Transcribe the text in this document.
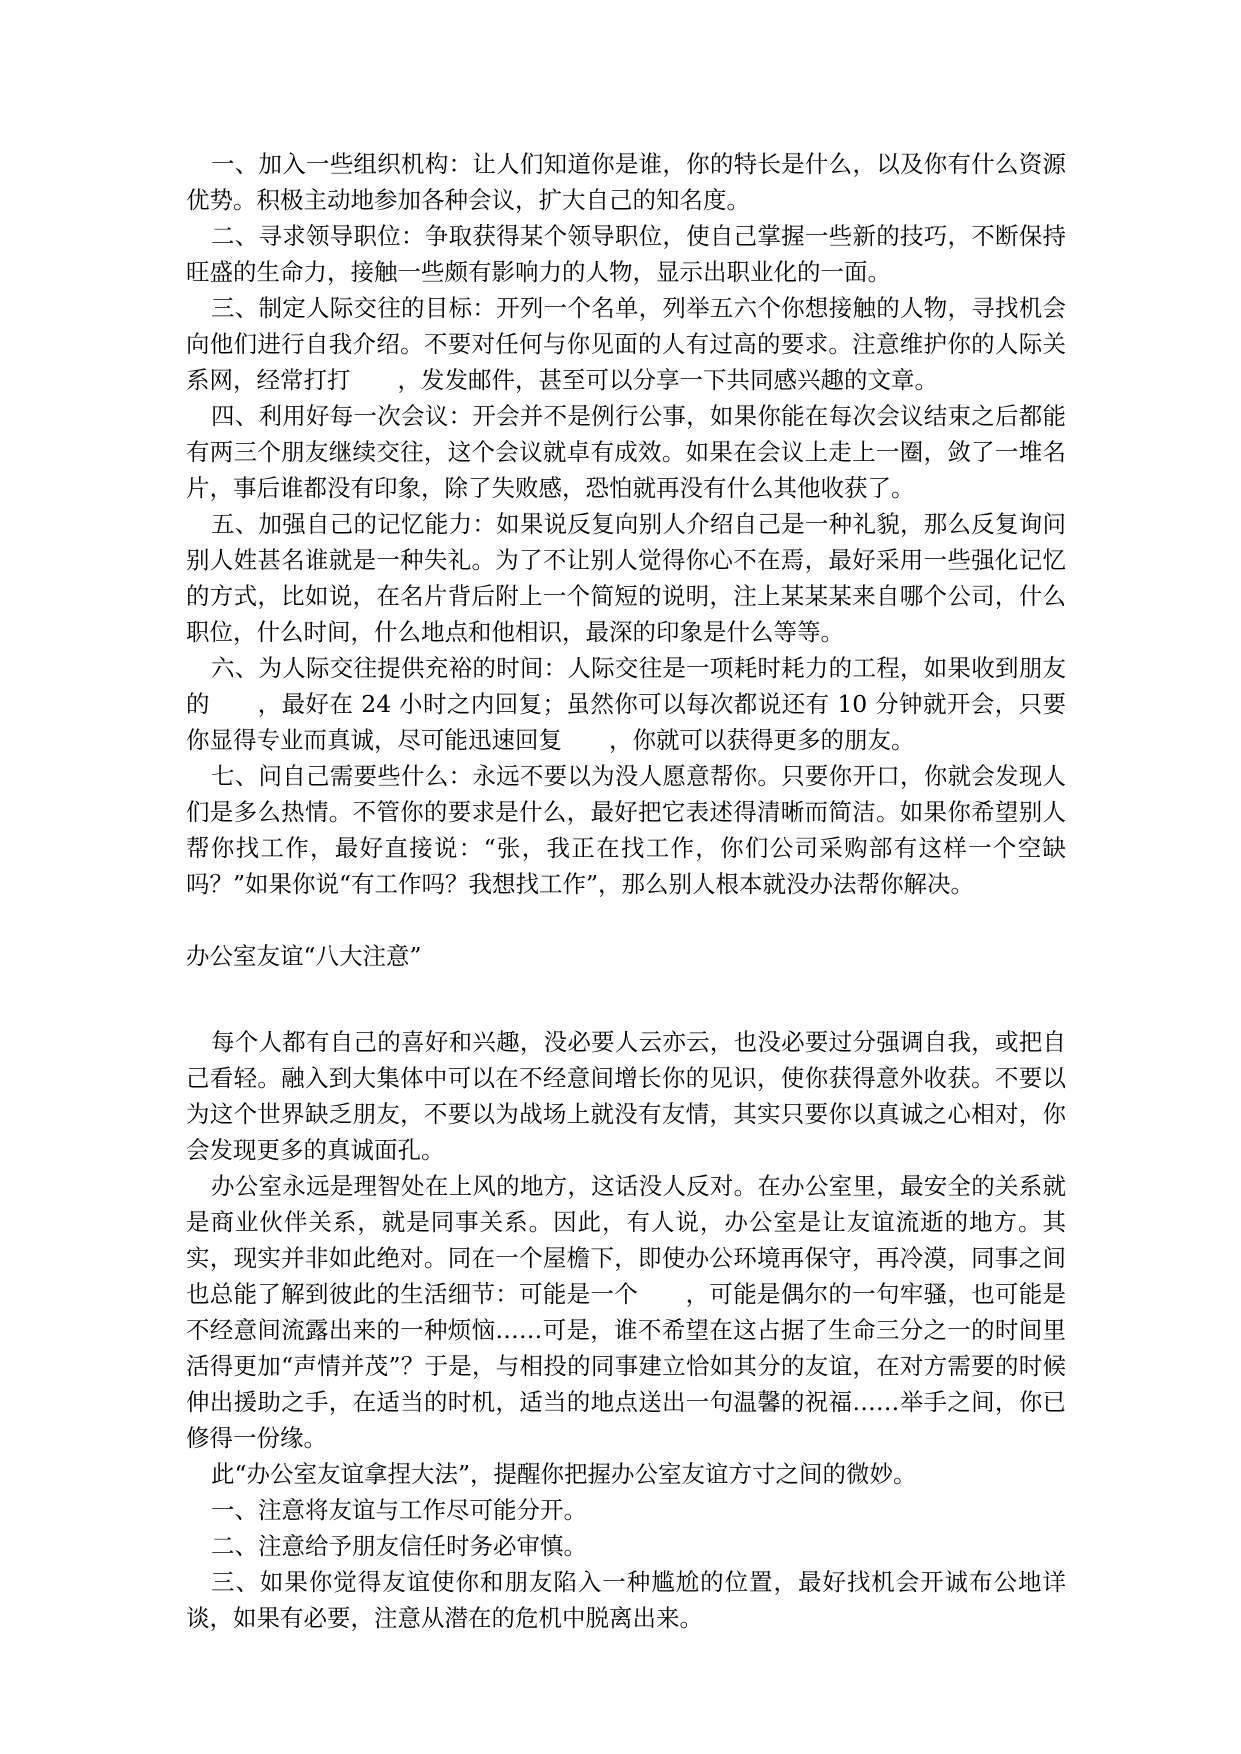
一、加入一些组织机构：让人们知道你是谁，你的特长是什么，以及你有什么资源优势。积极主动地参加各种会议，扩大自己的知名度。

二、寻求领导职位：争取获得某个领导职位，使自己掌握一些新的技巧，不断保持旺盛的生命力，接触一些颇有影响力的人物，显示出职业化的一面。

三、制定人际交往的目标：开列一个名单，列举五六个你想接触的人物，寻找机会向他们进行自我介绍。不要对任何与你见面的人有过高的要求。注意维护你的人际关系网，经常打打　　，发发邮件，甚至可以分享一下共同感兴趣的文章。

四、利用好每一次会议：开会并不是例行公事，如果你能在每次会议结束之后都能有两三个朋友继续交往，这个会议就卓有成效。如果在会议上走上一圈，敛了一堆名片，事后谁都没有印象，除了失败感，恐怕就再没有什么其他收获了。

五、加强自己的记忆能力：如果说反复向别人介绍自己是一种礼貌，那么反复询问别人姓甚名谁就是一种失礼。为了不让别人觉得你心不在焉，最好采用一些强化记忆的方式，比如说，在名片背后附上一个简短的说明，注上某某某来自哪个公司，什么职位，什么时间，什么地点和他相识，最深的印象是什么等等。

六、为人际交往提供充裕的时间：人际交往是一项耗时耗力的工程，如果收到朋友的　　，最好在 24 小时之内回复；虽然你可以每次都说还有 10 分钟就开会，只要你显得专业而真诚，尽可能迅速回复　　，你就可以获得更多的朋友。

七、问自己需要些什么：永远不要以为没人愿意帮你。只要你开口，你就会发现人们是多么热情。不管你的要求是什么，最好把它表述得清晰而简洁。如果你希望别人帮你找工作，最好直接说：“张，我正在找工作，你们公司采购部有这样一个空缺吗？”如果你说“有工作吗？我想找工作”，那么别人根本就没办法帮你解决。

办公室友谊“八大注意”

每个人都有自己的喜好和兴趣，没必要人云亦云，也没必要过分强调自我，或把自己看轻。融入到大集体中可以在不经意间增长你的见识，使你获得意外收获。不要以为这个世界缺乏朋友，不要以为战场上就没有友情，其实只要你以真诚之心相对，你会发现更多的真诚面孔。

办公室永远是理智处在上风的地方，这话没人反对。在办公室里，最安全的关系就是商业伙伴关系，就是同事关系。因此，有人说，办公室是让友谊流逝的地方。其实，现实并非如此绝对。同在一个屋檐下，即使办公环境再保守，再冷漠，同事之间也总能了解到彼此的生活细节：可能是一个　　，可能是偶尔的一句牢骚，也可能是不经意间流露出来的一种烦恼……可是，谁不希望在这占据了生命三分之一的时间里活得更加“声情并茂”？于是，与相投的同事建立恰如其分的友谊，在对方需要的时候伸出援助之手，在适当的时机，适当的地点送出一句温馨的祝福……举手之间，你已修得一份缘。

此“办公室友谊拿捏大法”，提醒你把握办公室友谊方寸之间的微妙。

一、注意将友谊与工作尽可能分开。

二、注意给予朋友信任时务必审慎。

三、如果你觉得友谊使你和朋友陷入一种尴尬的位置，最好找机会开诚布公地详谈，如果有必要，注意从潜在的危机中脱离出来。
